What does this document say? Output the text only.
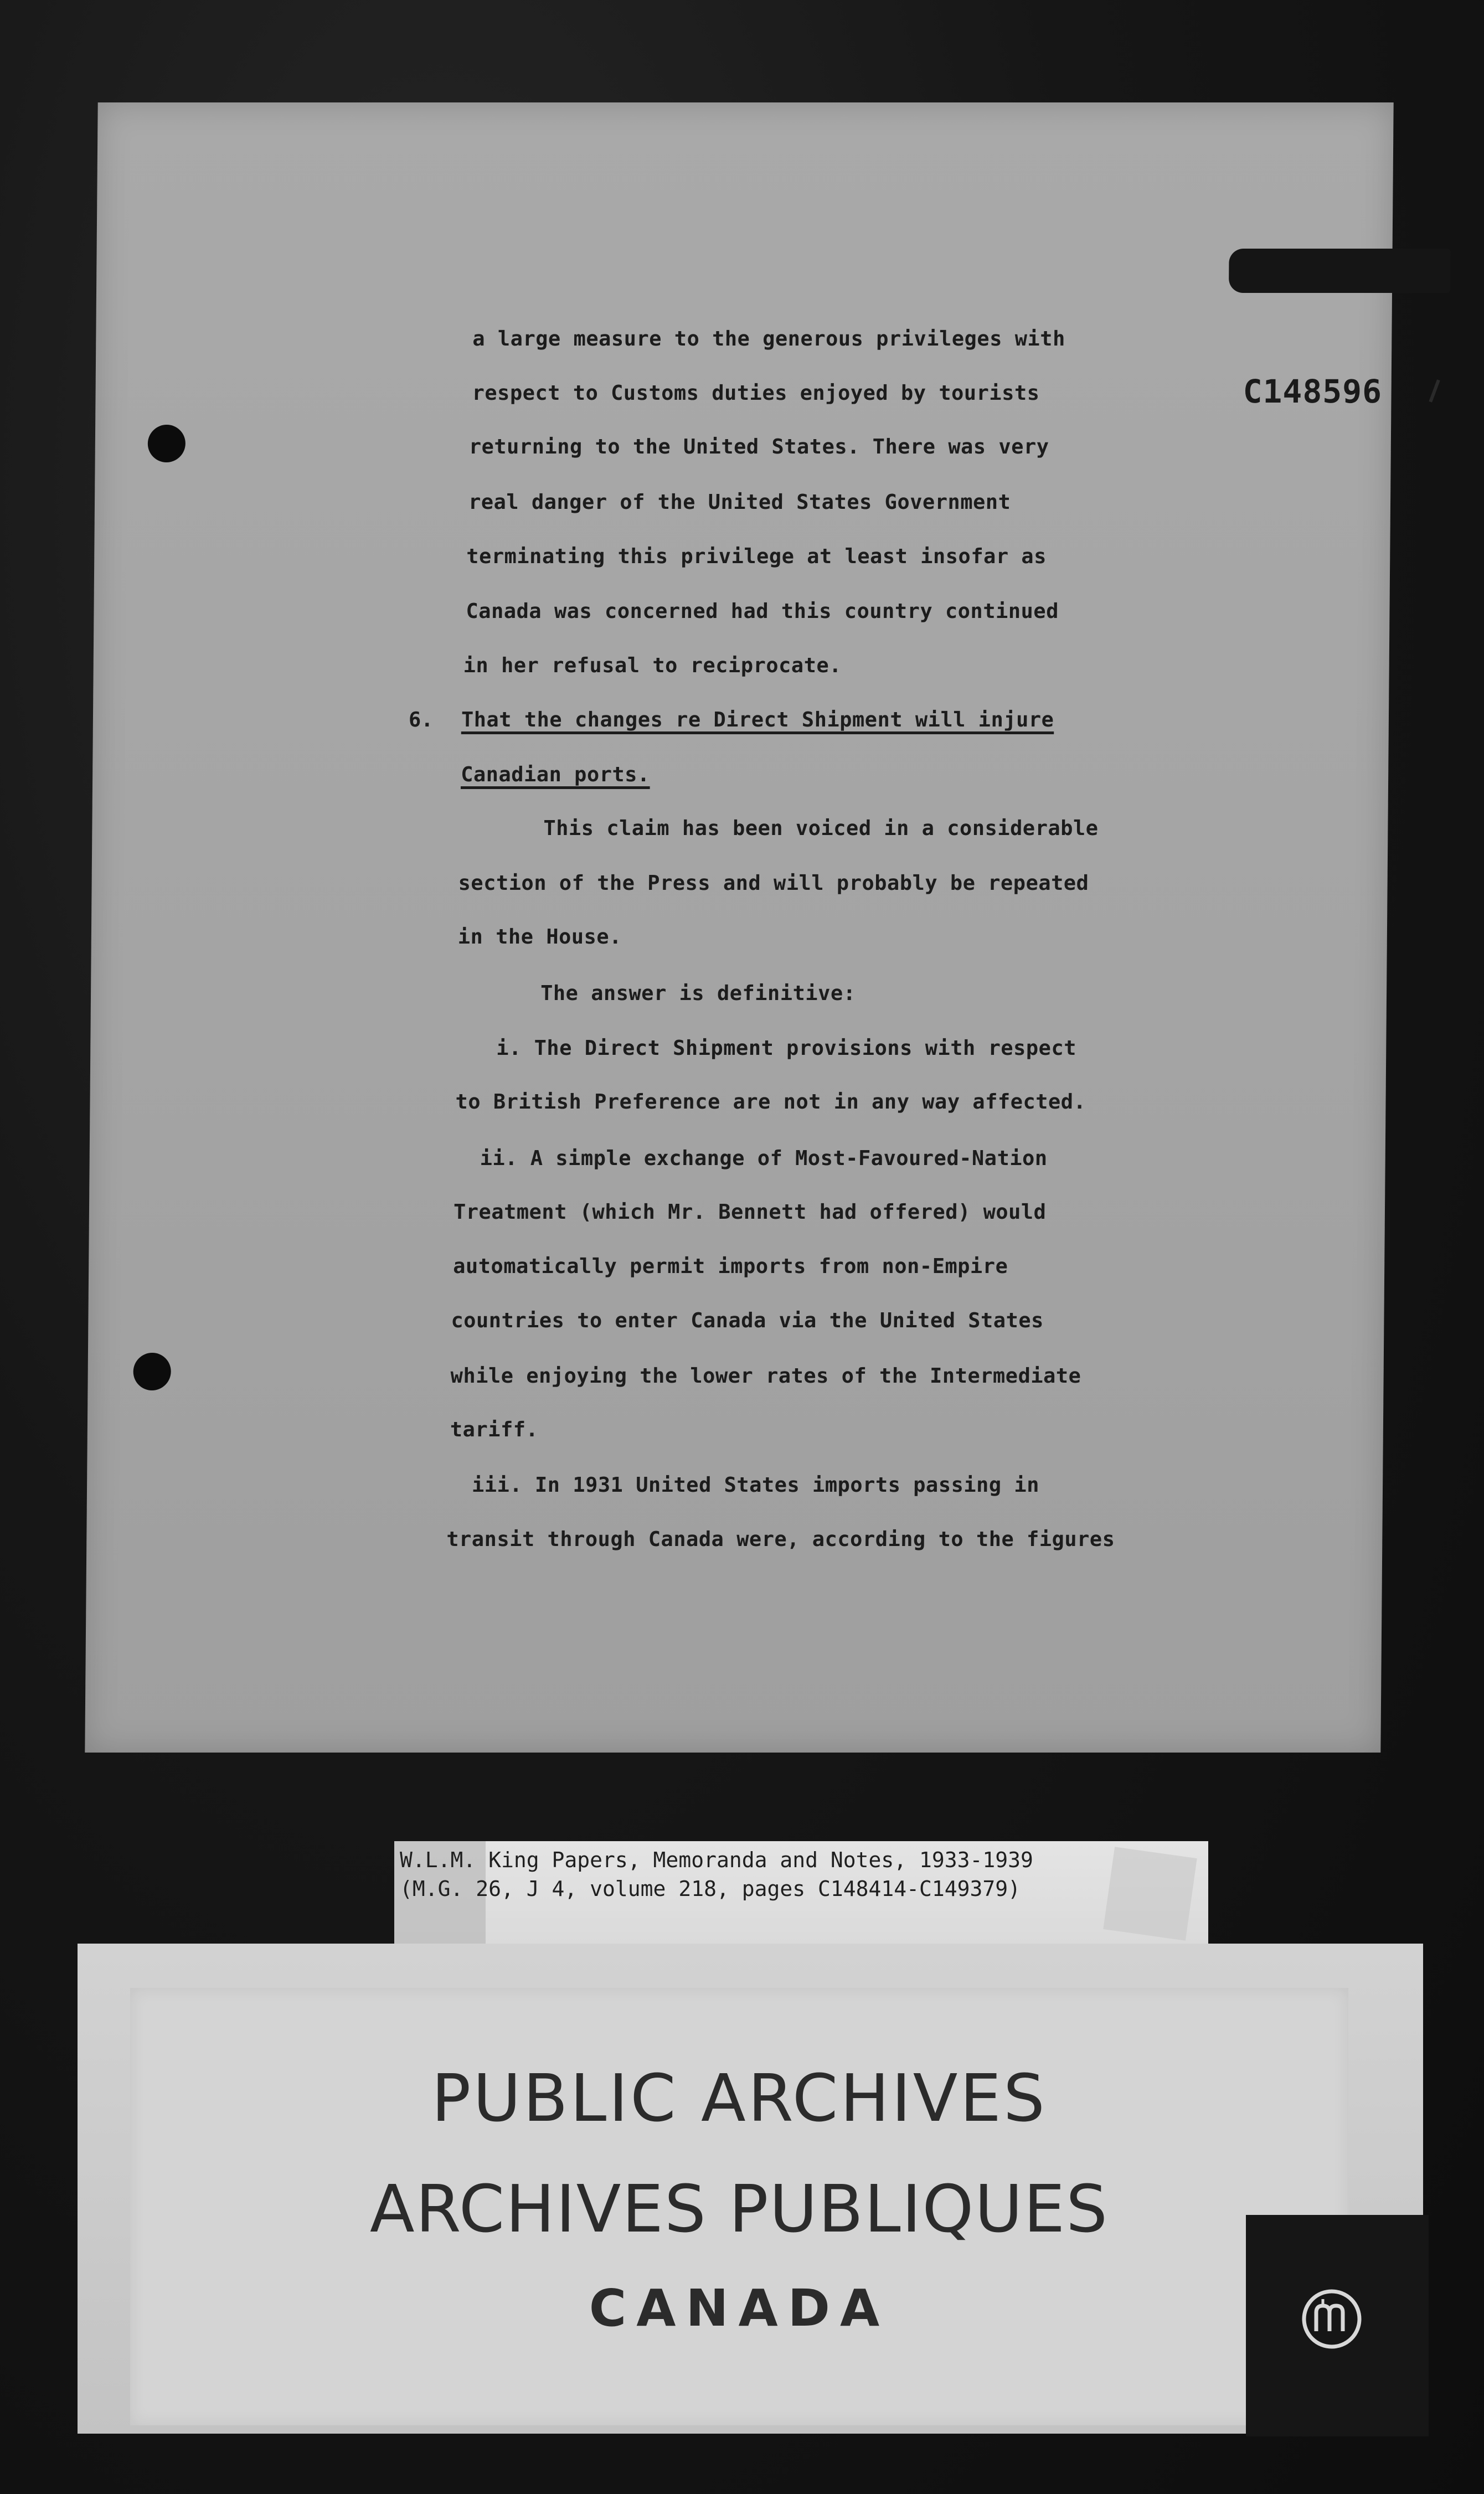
C148596
a large measure to the generous privileges with
respect to Customs duties enjoyed by tourists
returning to the United States. There was very
real danger of the United States Government
terminating this privilege at least insofar as
Canada was concerned had this country continued
in her refusal to reciprocate.
6. That the changes re Direct Shipment will injure
Canadian ports.
This claim has been voiced in a considerable
section of the Press and will probably be repeated
in the House.
The answer is definitive:
i. The Direct Shipment provisions with respect
to British Preference are not in any way affected.
ii. A simple exchange of Most-Favoured-Nation
Treatment (which Mr. Bennett had offered) would
automatically permit imports from non-Empire
countries to enter Canada via the United States
while enjoying the lower rates of the Intermediate
tariff.
iii. In 1931 United States imports passing in
transit through Canada were, according to the figures
W.L.M. King Papers, Memoranda and Notes, 1933-1939
(M.G. 26, J 4, volume 218, pages C148414-C149379)
PUBLIC ARCHIVES
ARCHIVES PUBLIQUES
CANADA
